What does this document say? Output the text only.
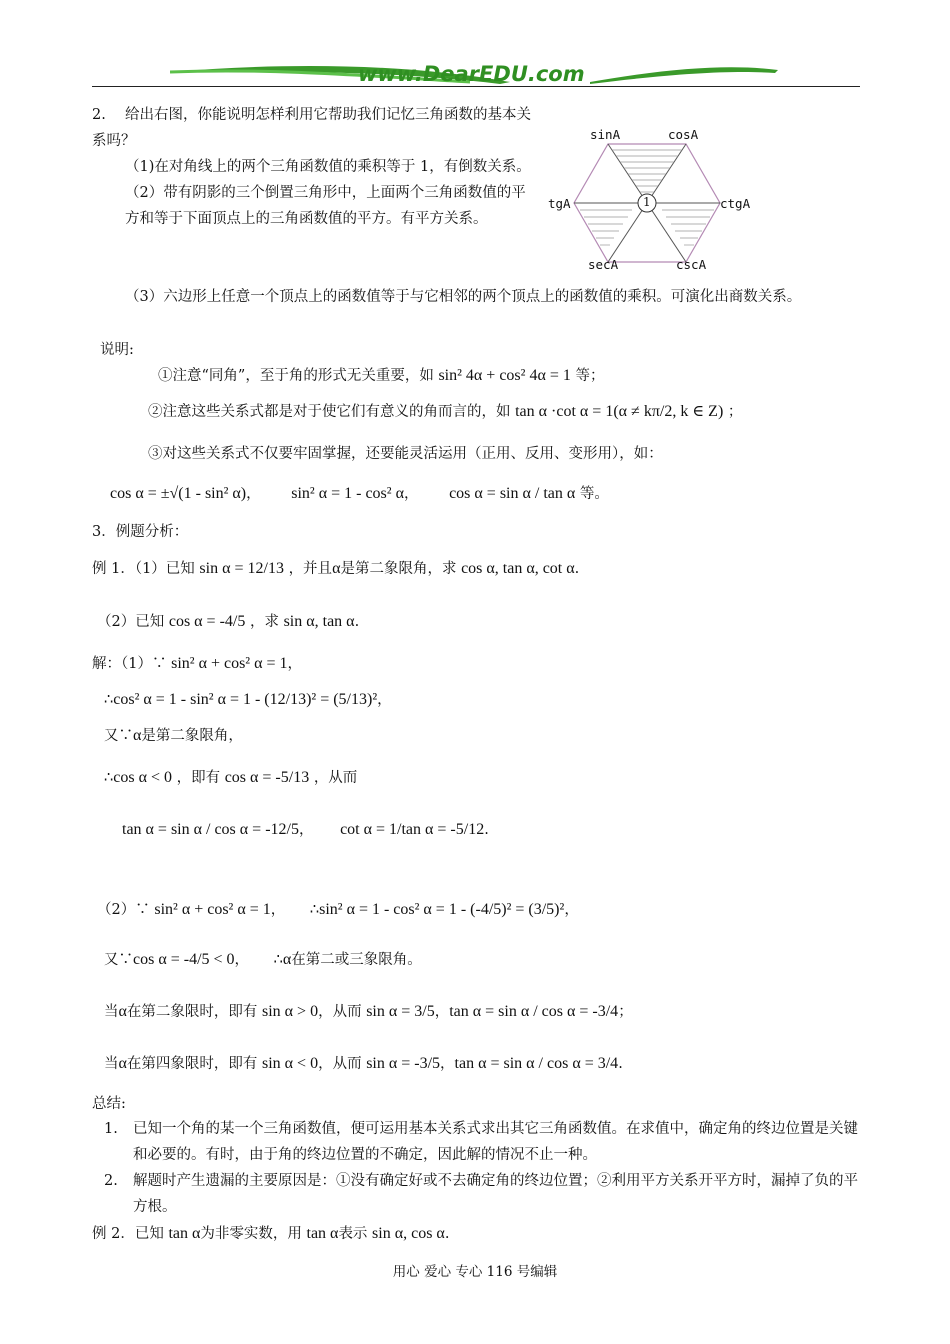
www.DearEDU.com
2.　 给出右图，你能说明怎样利用它帮助我们记忆三角函数的基本关系吗？
（1)在对角线上的两个三角函数值的乘积等于 1，有倒数关系。
（2）带有阴影的三个倒置三角形中，上面两个三角函数值的平方和等于下面顶点上的三角函数值的平方。有平方关系。
（3）六边形上任意一个顶点上的函数值等于与它相邻的两个顶点上的函数值的乘积。可演化出商数关系。
sinA	cosA
tgA	ctgA
secA	cscA
1
说明:
①注意“同角”，至于角的形式无关重要，如 sin² 4α + cos² 4α = 1 等；
②注意这些关系式都是对于使它们有意义的角而言的，如 tan α ·cot α = 1(α ≠ kπ/2, k ∈ Z) ；
③对这些关系式不仅要牢固掌握，还要能灵活运用（正用、反用、变形用），如：
cos α = ±√(1 - sin² α)， sin² α = 1 - cos² α， cos α = sin α / tan α 等。
3．例题分析：
例 1．（1）已知 sin α = 12/13 ，并且α是第二象限角，求 cos α, tan α, cot α.
（2）已知 cos α = -4/5 ，求 sin α, tan α.
解：（1）∵ sin² α + cos² α = 1，
∴cos² α = 1 - sin² α = 1 - (12/13)² = (5/13)²，
又∵α是第二象限角，
∴cos α < 0 ，即有 cos α = -5/13 ，从而
tan α = sin α / cos α = -12/5， cot α = 1/tan α = -5/12.
（2）∵ sin² α + cos² α = 1， ∴sin² α = 1 - cos² α = 1 - (-4/5)² = (3/5)²，
又∵cos α = -4/5 < 0， ∴α在第二或三象限角。
当α在第二象限时，即有 sin α > 0，从而 sin α = 3/5，tan α = sin α / cos α = -3/4；
当α在第四象限时，即有 sin α < 0，从而 sin α = -3/5，tan α = sin α / cos α = 3/4.
总结:
1.	已知一个角的某一个三角函数值，便可运用基本关系式求出其它三角函数值。在求值中，确定角的终边位置是关键和必要的。有时，由于角的终边位置的不确定，因此解的情况不止一种。
2.	解题时产生遗漏的主要原因是：①没有确定好或不去确定角的终边位置；②利用平方关系开平方时，漏掉了负的平方根。
例 2．已知 tan α为非零实数，用 tan α表示 sin α, cos α.
用心 爱心 专心 116 号编辑
